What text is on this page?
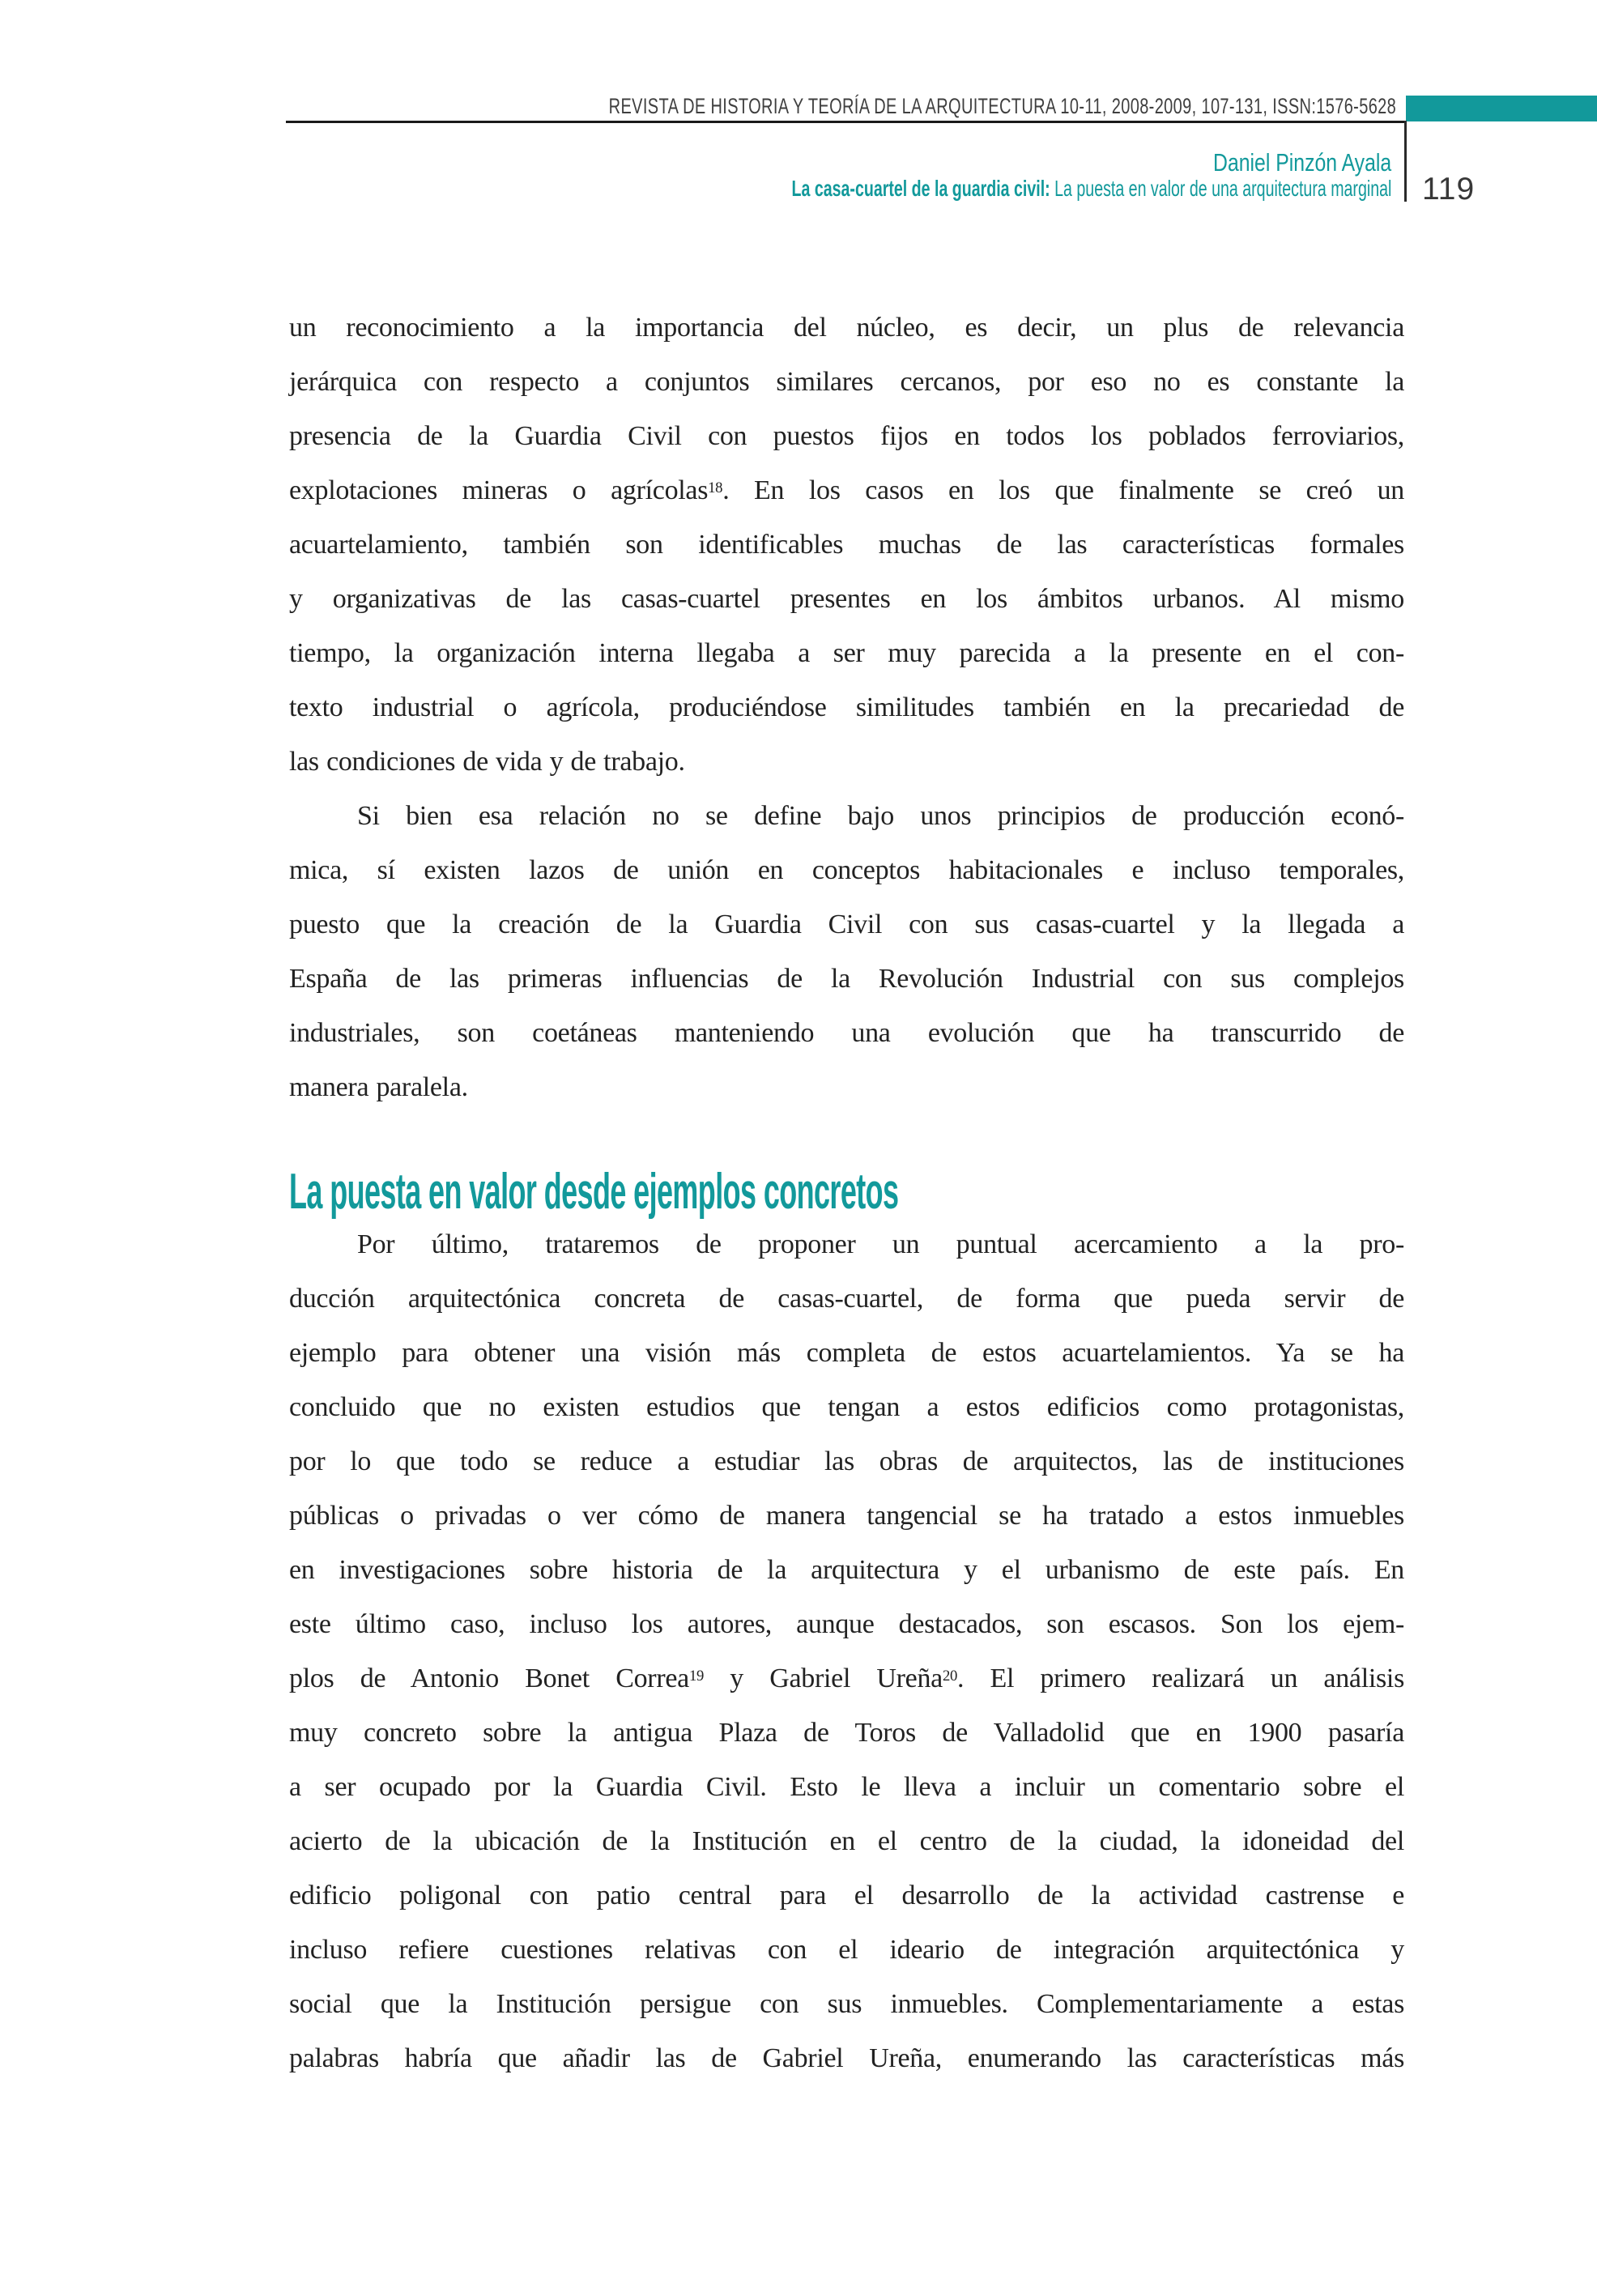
REVISTA DE HISTORIA Y TEORÍA DE LA ARQUITECTURA 10-11, 2008-2009, 107-131, ISSN:1576-5628
Daniel Pinzón Ayala
La casa-cuartel de la guardia civil: La puesta en valor de una arquitectura marginal 119
La puesta en valor desde ejemplos concretos
un reconocimiento a la importancia del núcleo, es decir, un plus de relevancia
jerárquica con respecto a conjuntos similares cercanos, por eso no es constante la
presencia de la Guardia Civil con puestos fijos en todos los poblados ferroviarios,
explotaciones mineras o agrícolas$^{18}$. En los casos en los que finalmente se creó un
acuartelamiento, también son identificables muchas de las características formales
y organizativas de las casas-cuartel presentes en los ámbitos urbanos. Al mismo
tiempo, la organización interna llegaba a ser muy parecida a la presente en el con-
texto industrial o agrícola, produciéndose similitudes también en la precariedad de
las condiciones de vida y de trabajo.
Si bien esa relación no se define bajo unos principios de producción econó-
mica, sí existen lazos de unión en conceptos habitacionales e incluso temporales,
puesto que la creación de la Guardia Civil con sus casas-cuartel y la llegada a
España de las primeras influencias de la Revolución Industrial con sus complejos
industriales, son coetáneas manteniendo una evolución que ha transcurrido de
manera paralela.
Por último, trataremos de proponer un puntual acercamiento a la pro-
ducción arquitectónica concreta de casas-cuartel, de forma que pueda servir de
ejemplo para obtener una visión más completa de estos acuartelamientos. Ya se ha
concluido que no existen estudios que tengan a estos edificios como protagonistas,
por lo que todo se reduce a estudiar las obras de arquitectos, las de instituciones
públicas o privadas o ver cómo de manera tangencial se ha tratado a estos inmuebles
en investigaciones sobre historia de la arquitectura y el urbanismo de este país. En
este último caso, incluso los autores, aunque destacados, son escasos. Son los ejem-
plos de Antonio Bonet Correa$^{19}$ y Gabriel Ureña$^{20}$. El primero realizará un análisis
muy concreto sobre la antigua Plaza de Toros de Valladolid que en 1900 pasaría
a ser ocupado por la Guardia Civil. Esto le lleva a incluir un comentario sobre el
acierto de la ubicación de la Institución en el centro de la ciudad, la idoneidad del
edificio poligonal con patio central para el desarrollo de la actividad castrense e
incluso refiere cuestiones relativas con el ideario de integración arquitectónica y
social que la Institución persigue con sus inmuebles. Complementariamente a estas
palabras habría que añadir las de Gabriel Ureña, enumerando las características más
